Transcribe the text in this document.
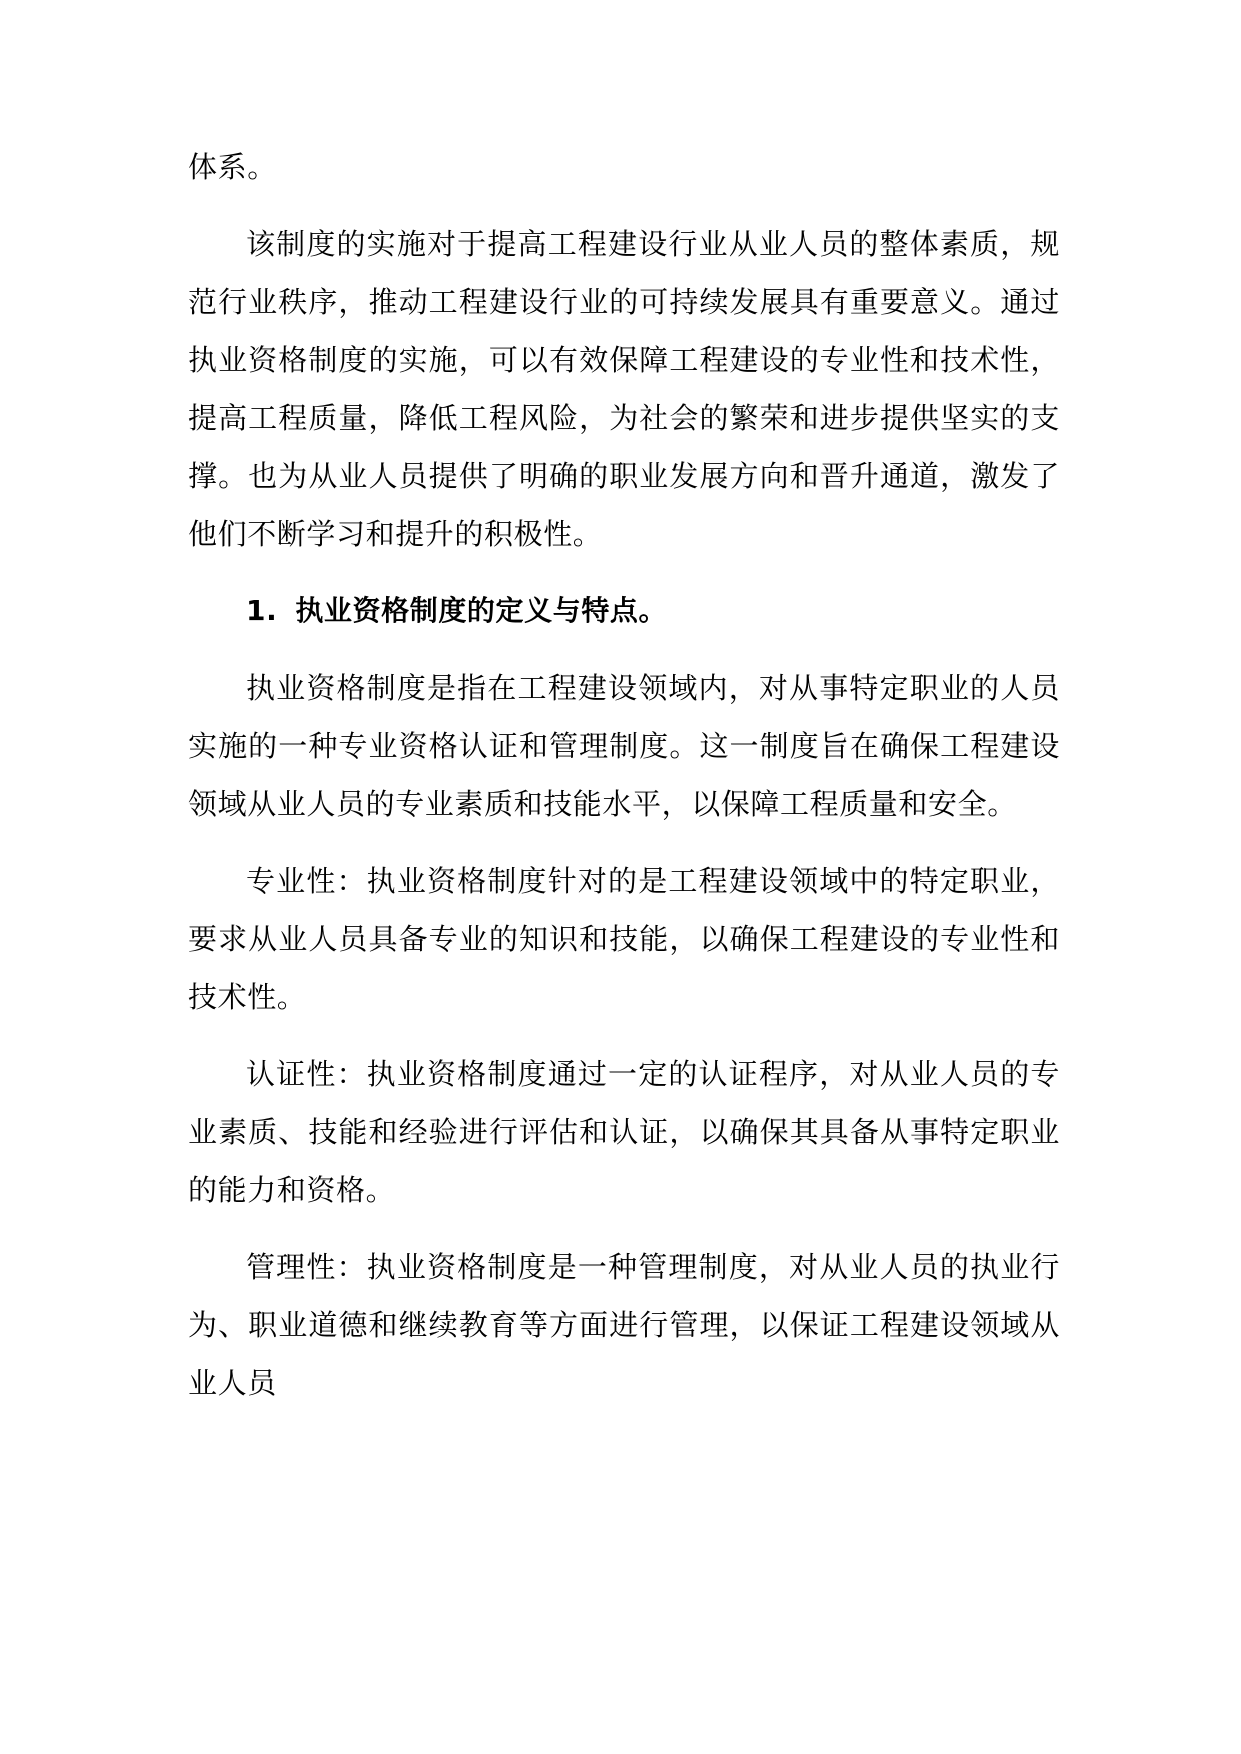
体系。

该制度的实施对于提高工程建设行业从业人员的整体素质，规范行业秩序，推动工程建设行业的可持续发展具有重要意义。通过执业资格制度的实施，可以有效保障工程建设的专业性和技术性，提高工程质量，降低工程风险，为社会的繁荣和进步提供坚实的支撑。也为从业人员提供了明确的职业发展方向和晋升通道，激发了他们不断学习和提升的积极性。

1. 执业资格制度的定义与特点。

执业资格制度是指在工程建设领域内，对从事特定职业的人员实施的一种专业资格认证和管理制度。这一制度旨在确保工程建设领域从业人员的专业素质和技能水平，以保障工程质量和安全。

专业性：执业资格制度针对的是工程建设领域中的特定职业，要求从业人员具备专业的知识和技能，以确保工程建设的专业性和技术性。

认证性：执业资格制度通过一定的认证程序，对从业人员的专业素质、技能和经验进行评估和认证，以确保其具备从事特定职业的能力和资格。

管理性：执业资格制度是一种管理制度，对从业人员的执业行为、职业道德和继续教育等方面进行管理，以保证工程建设领域从业人员
